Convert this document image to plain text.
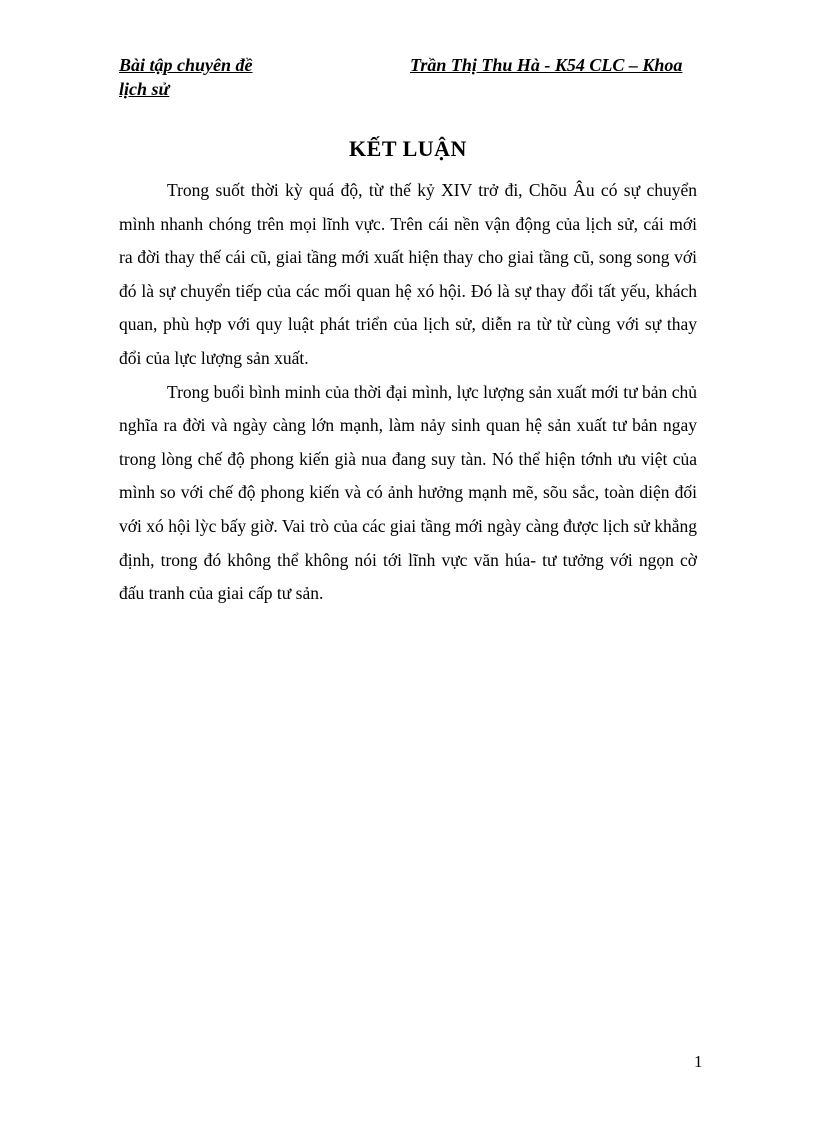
Bài tập chuyên đề	Trần Thị Thu Hà - K54 CLC – Khoa
lịch sử
KẾT LUẬN

Trong suốt thời kỳ quá độ, từ thế kỷ XIV trở đi, Chõu Âu có sự chuyển mình nhanh chóng trên mọi lĩnh vực. Trên cái nền vận động của lịch sử, cái mới ra đời thay thế cái cũ, giai tầng mới xuất hiện thay cho giai tầng cũ, song song với đó là sự chuyển tiếp của các mối quan hệ xó hội. Đó là sự thay đổi tất yếu, khách quan, phù hợp với quy luật phát triển của lịch sử, diễn ra từ từ cùng với sự thay đổi của lực lượng sản xuất.

Trong buổi bình minh của thời đại mình, lực lượng sản xuất mới tư bản chủ nghĩa ra đời và ngày càng lớn mạnh, làm nảy sinh quan hệ sản xuất tư bản ngay trong lòng chế độ phong kiến già nua đang suy tàn. Nó thể hiện tớnh ưu việt của mình so với chế độ phong kiến và có ảnh hưởng mạnh mẽ, sõu sắc, toàn diện đối với xó hội lỳc bấy giờ. Vai trò của các giai tầng mới ngày càng được lịch sử khẳng định, trong đó không thể không nói tới lĩnh vực văn húa- tư tưởng với ngọn cờ đấu tranh của giai cấp tư sản.

1
